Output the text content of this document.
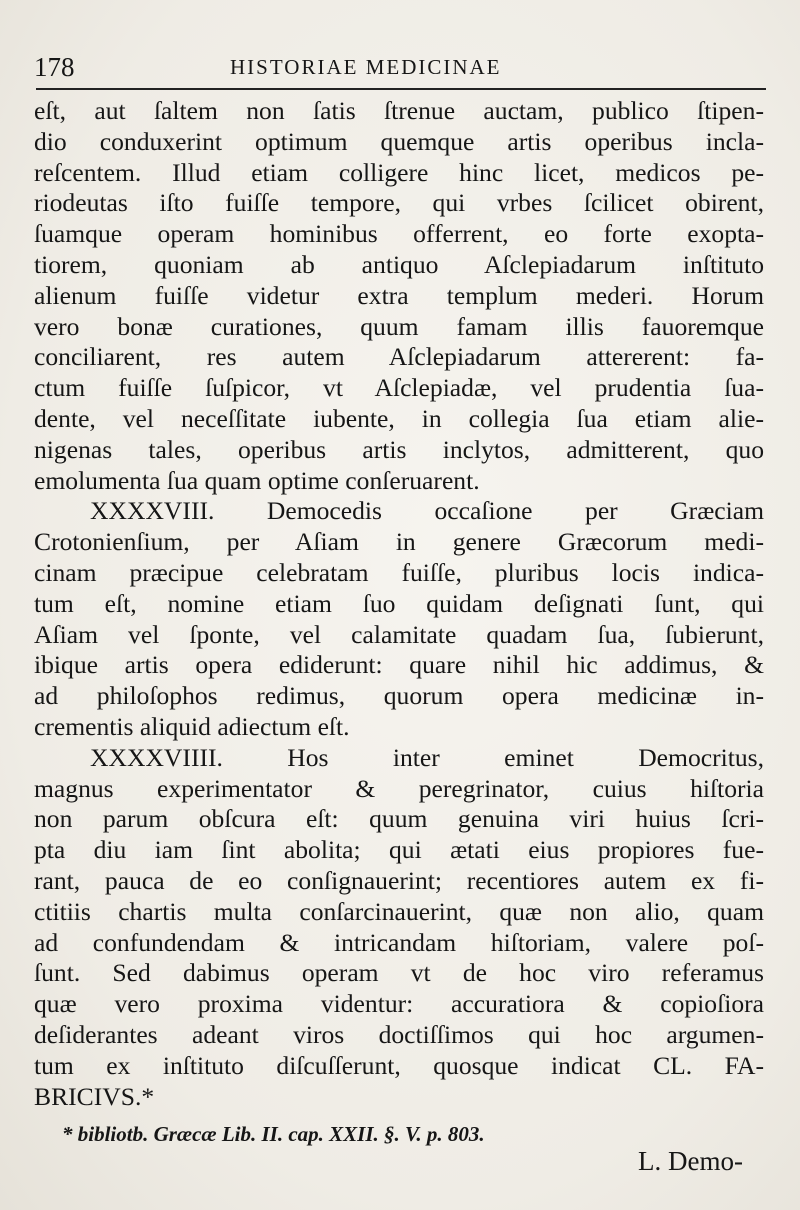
178	HISTORIAE MEDICINAE
eſt, aut ſaltem non ſatis ſtrenue auctam, publico ſtipen-
dio conduxerint optimum quemque artis operibus incla-
reſcentem. Illud etiam colligere hinc licet, medicos pe-
riodeutas iſto fuiſſe tempore, qui vrbes ſcilicet obirent,
ſuamque operam hominibus offerrent, eo forte exopta-
tiorem, quoniam ab antiquo Aſclepiadarum inſtituto
alienum fuiſſe videtur extra templum mederi. Horum
vero bonæ curationes, quum famam illis fauoremque
conciliarent, res autem Aſclepiadarum attererent: fa-
ctum fuiſſe ſuſpicor, vt Aſclepiadæ, vel prudentia ſua-
dente, vel neceſſitate iubente, in collegia ſua etiam alie-
nigenas tales, operibus artis inclytos, admitterent, quo
emolumenta ſua quam optime conſeruarent.
XXXXVIII. Democedis occaſione per Græciam
Crotonienſium, per Aſiam in genere Græcorum medi-
cinam præcipue celebratam fuiſſe, pluribus locis indica-
tum eſt, nomine etiam ſuo quidam deſignati ſunt, qui
Aſiam vel ſponte, vel calamitate quadam ſua, ſubierunt,
ibique artis opera ediderunt: quare nihil hic addimus, &
ad philoſophos redimus, quorum opera medicinæ in-
crementis aliquid adiectum eſt.
XXXXVIIII. Hos inter eminet Democritus,
magnus experimentator & peregrinator, cuius hiſtoria
non parum obſcura eſt: quum genuina viri huius ſcri-
pta diu iam ſint abolita; qui ætati eius propiores fue-
rant, pauca de eo conſignauerint; recentiores autem ex fi-
ctitiis chartis multa conſarcinauerint, quæ non alio, quam
ad confundendam & intricandam hiſtoriam, valere poſ-
ſunt. Sed dabimus operam vt de hoc viro referamus
quæ vero proxima videntur: accuratiora & copioſiora
deſiderantes adeant viros doctiſſimos qui hoc argumen-
tum ex inſtituto diſcuſſerunt, quosque indicat CL. FA-
BRICIVS.*
* bibliotb. Græcæ Lib. II. cap. XXII. §. V. p. 803.
L. Demo-
